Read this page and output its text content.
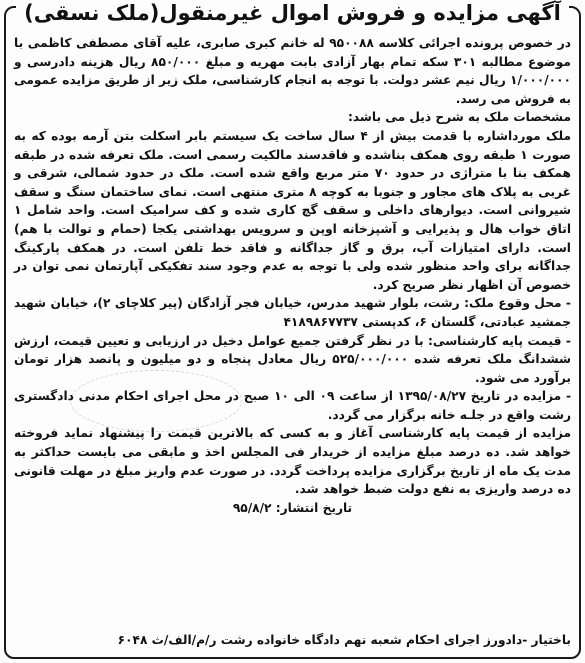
آگهی مزایده و فروش اموال غیرمنقول(ملک نسقی)

در خصوص پرونده اجرائی کلاسه ۹۵۰۰۸۸ له خانم کبری صابری، علیه آقای مصطفی کاظمی با موضوع مطالبه ۳۰۱ سکه تمام بهار آزادی بابت مهریه و مبلغ ۸۵۰/۰۰۰ ریال هزینه دادرسی و ۱/۰۰۰/۰۰۰ ریال نیم عشر دولت. با توجه به انجام کارشناسی، ملک زیر از طریق مزایده عمومی به فروش می رسد.

مشخصات ملک به شرح ذیل می باشد:

ملک مورداشاره با قدمت بیش از ۴ سال ساخت یک سیستم بابر اسکلت بتن آرمه بوده که به صورت ۱ طبقه روی همکف بناشده و فاقدسند مالکیت رسمی است. ملک تعرفه شده در طبقه همکف بنا با متراژی در حدود ۷۰ متر مربع واقع شده است. ملک در حدود شمالی، شرقی و غربی به پلاک های مجاور و جنوبا به کوچه ۸ متری منتهی است. نمای ساختمان سنگ و سقف شیروانی است. دیوارهای داخلی و سقف گچ کاری شده و کف سرامیک است. واحد شامل ۱ اتاق خواب هال و پذیرایی و آشپزخانه اوپن و سرویس بهداشتی یکجا (حمام و توالت با هم) است. دارای امتیازات آب، برق و گاز جداگانه و فاقد خط تلفن است. در همکف پارکینگ جداگانه برای واحد منظور شده ولی با توجه به عدم وجود سند تفکیکی آپارتمان نمی توان در خصوص آن اظهار نظر صریح کرد.

- محل وقوع ملک: رشت، بلوار شهید مدرس، خیابان فجر آزادگان (پیر کلاچای ۲)، خیابان شهید جمشید عبادتی، گلستان ۶، کدپستی ۴۱۸۹۸۶۷۷۳۷

- قیمت پایه کارشناسی: با در نظر گرفتن جمیع عوامل دخیل در ارزیابی و تعیین قیمت، ارزش ششدانگ ملک تعرفه شده ۵۲۵/۰۰۰/۰۰۰ ریال معادل پنجاه و دو میلیون و پانصد هزار تومان برآورد می شود.

- مزایده در تاریخ ۱۳۹۵/۰۸/۲۷ از ساعت ۰۹ الی ۱۰ صبح در محل اجرای احکام مدنی دادگستری رشت واقع در جلـه خانه برگزار می گردد.

مزایده از قیمت پایه کارشناسی آغاز و به کسی که بالاترین قیمت را پیشنهاد نماید فروخته خواهد شد. ده درصد مبلغ مزایده از خریدار فی المجلس اخذ و مابقی می بایست حداکثر به مدت یک ماه از تاریخ برگزاری مزایده پرداخت گردد. در صورت عدم واریز مبلغ در مهلت قانونی ده درصد واریزی به نفع دولت ضبط خواهد شد.

تاریخ انتشار: ۹۵/۸/۲

باختیار -دادورز اجرای احکام شعبه نهم دادگاه خانواده رشت ر/م/الف/ث ۶۰۴۸
